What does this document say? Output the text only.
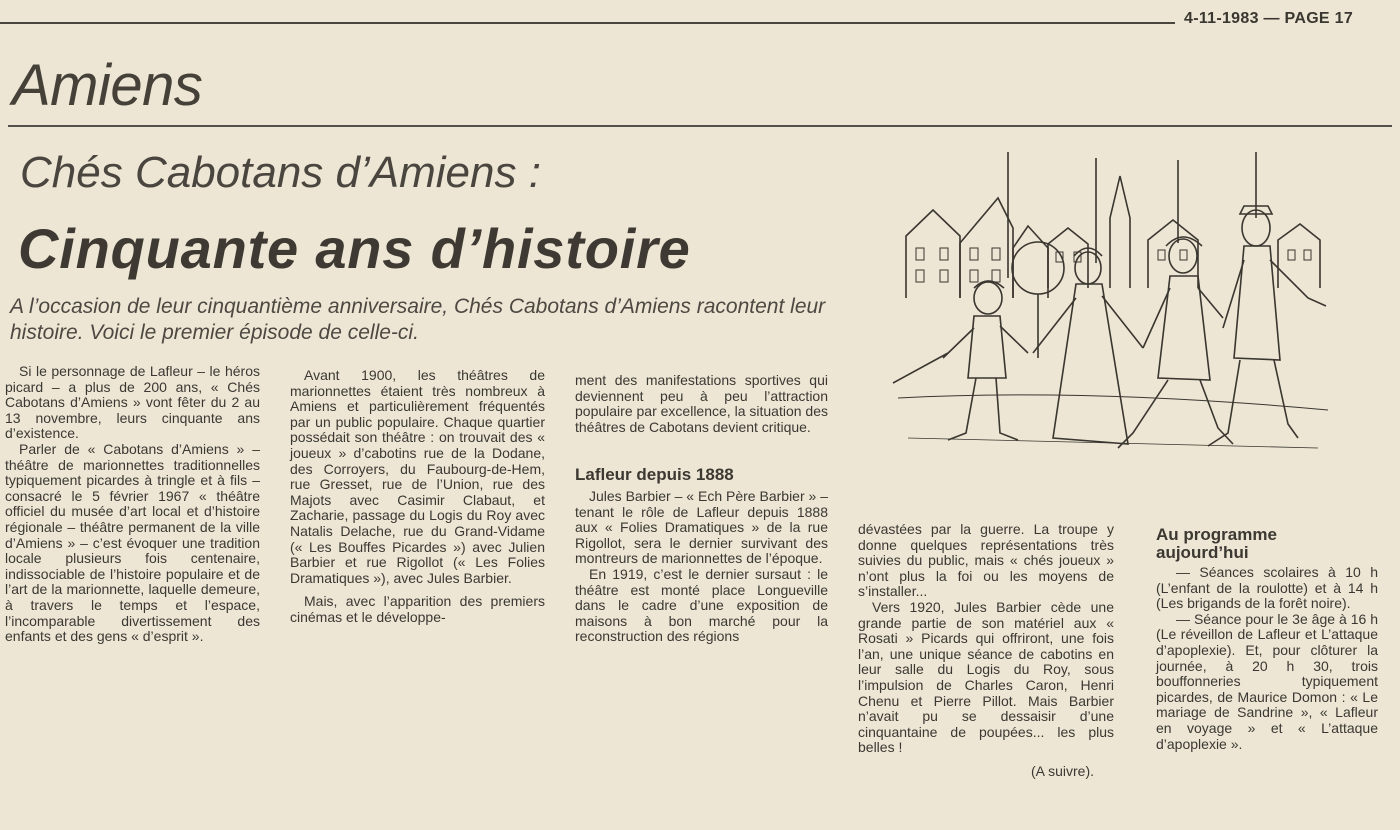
4-11-1983 — PAGE 17
Amiens
Chés Cabotans d’Amiens :
Cinquante ans d’histoire
A l’occasion de leur cinquantième anniversaire, Chés Cabotans d’Amiens racontent leur histoire. Voici le premier épisode de celle-ci.

Si le personnage de Lafleur – le héros picard – a plus de 200 ans, « Chés Cabotans d’Amiens » vont fêter du 2 au 13 novembre, leurs cinquante ans d’existence.

Parler de « Cabotans d’Amiens » – théâtre de marionnettes traditionnelles typiquement picardes à tringle et à fils – consacré le 5 février 1967 « théâtre officiel du musée d’art local et d’histoire régionale – théâtre permanent de la ville d’Amiens » – c’est évoquer une tradition locale plusieurs fois centenaire, indissociable de l’histoire populaire et de l’art de la marionnette, laquelle demeure, à travers le temps et l’espace, l’incomparable divertissement des enfants et des gens « d’esprit ».

Avant 1900, les théâtres de marionnettes étaient très nombreux à Amiens et particulièrement fréquentés par un public populaire. Chaque quartier possédait son théâtre : on trouvait des « joueux » d’cabotins rue de la Dodane, des Corroyers, du Faubourg-de-Hem, rue Gresset, rue de l’Union, rue des Majots avec Casimir Clabaut, et Zacharie, passage du Logis du Roy avec Natalis Delache, rue du Grand-Vidame (« Les Bouffes Picardes ») avec Julien Barbier et rue Rigollot (« Les Folies Dramatiques »), avec Jules Barbier.

Mais, avec l’apparition des premiers cinémas et le développe-

ment des manifestations sportives qui deviennent peu à peu l’attraction populaire par excellence, la situation des théâtres de Cabotans devient critique.

Lafleur depuis 1888

Jules Barbier – « Ech Père Barbier » – tenant le rôle de Lafleur depuis 1888 aux « Folies Dramatiques » de la rue Rigollot, sera le dernier survivant des montreurs de marionnettes de l’époque.

En 1919, c’est le dernier sursaut : le théâtre est monté place Longueville dans le cadre d’une exposition de maisons à bon marché pour la reconstruction des régions

dévastées par la guerre. La troupe y donne quelques représentations très suivies du public, mais « chés joueux » n’ont plus la foi ou les moyens de s’installer...

Vers 1920, Jules Barbier cède une grande partie de son matériel aux « Rosati » Picards qui offriront, une fois l’an, une unique séance de cabotins en leur salle du Logis du Roy, sous l’impulsion de Charles Caron, Henri Chenu et Pierre Pillot. Mais Barbier n’avait pu se dessaisir d’une cinquantaine de poupées... les plus belles !

(A suivre).
Au programme
aujourd’hui

— Séances scolaires à 10 h (L’enfant de la roulotte) et à 14 h (Les brigands de la forêt noire).

— Séance pour le 3e âge à 16 h (Le réveillon de Lafleur et L’attaque d’apoplexie). Et, pour clôturer la journée, à 20 h 30, trois bouffonneries typiquement picardes, de Maurice Domon : « Le mariage de Sandrine », « Lafleur en voyage » et « L’attaque d’apoplexie ».
